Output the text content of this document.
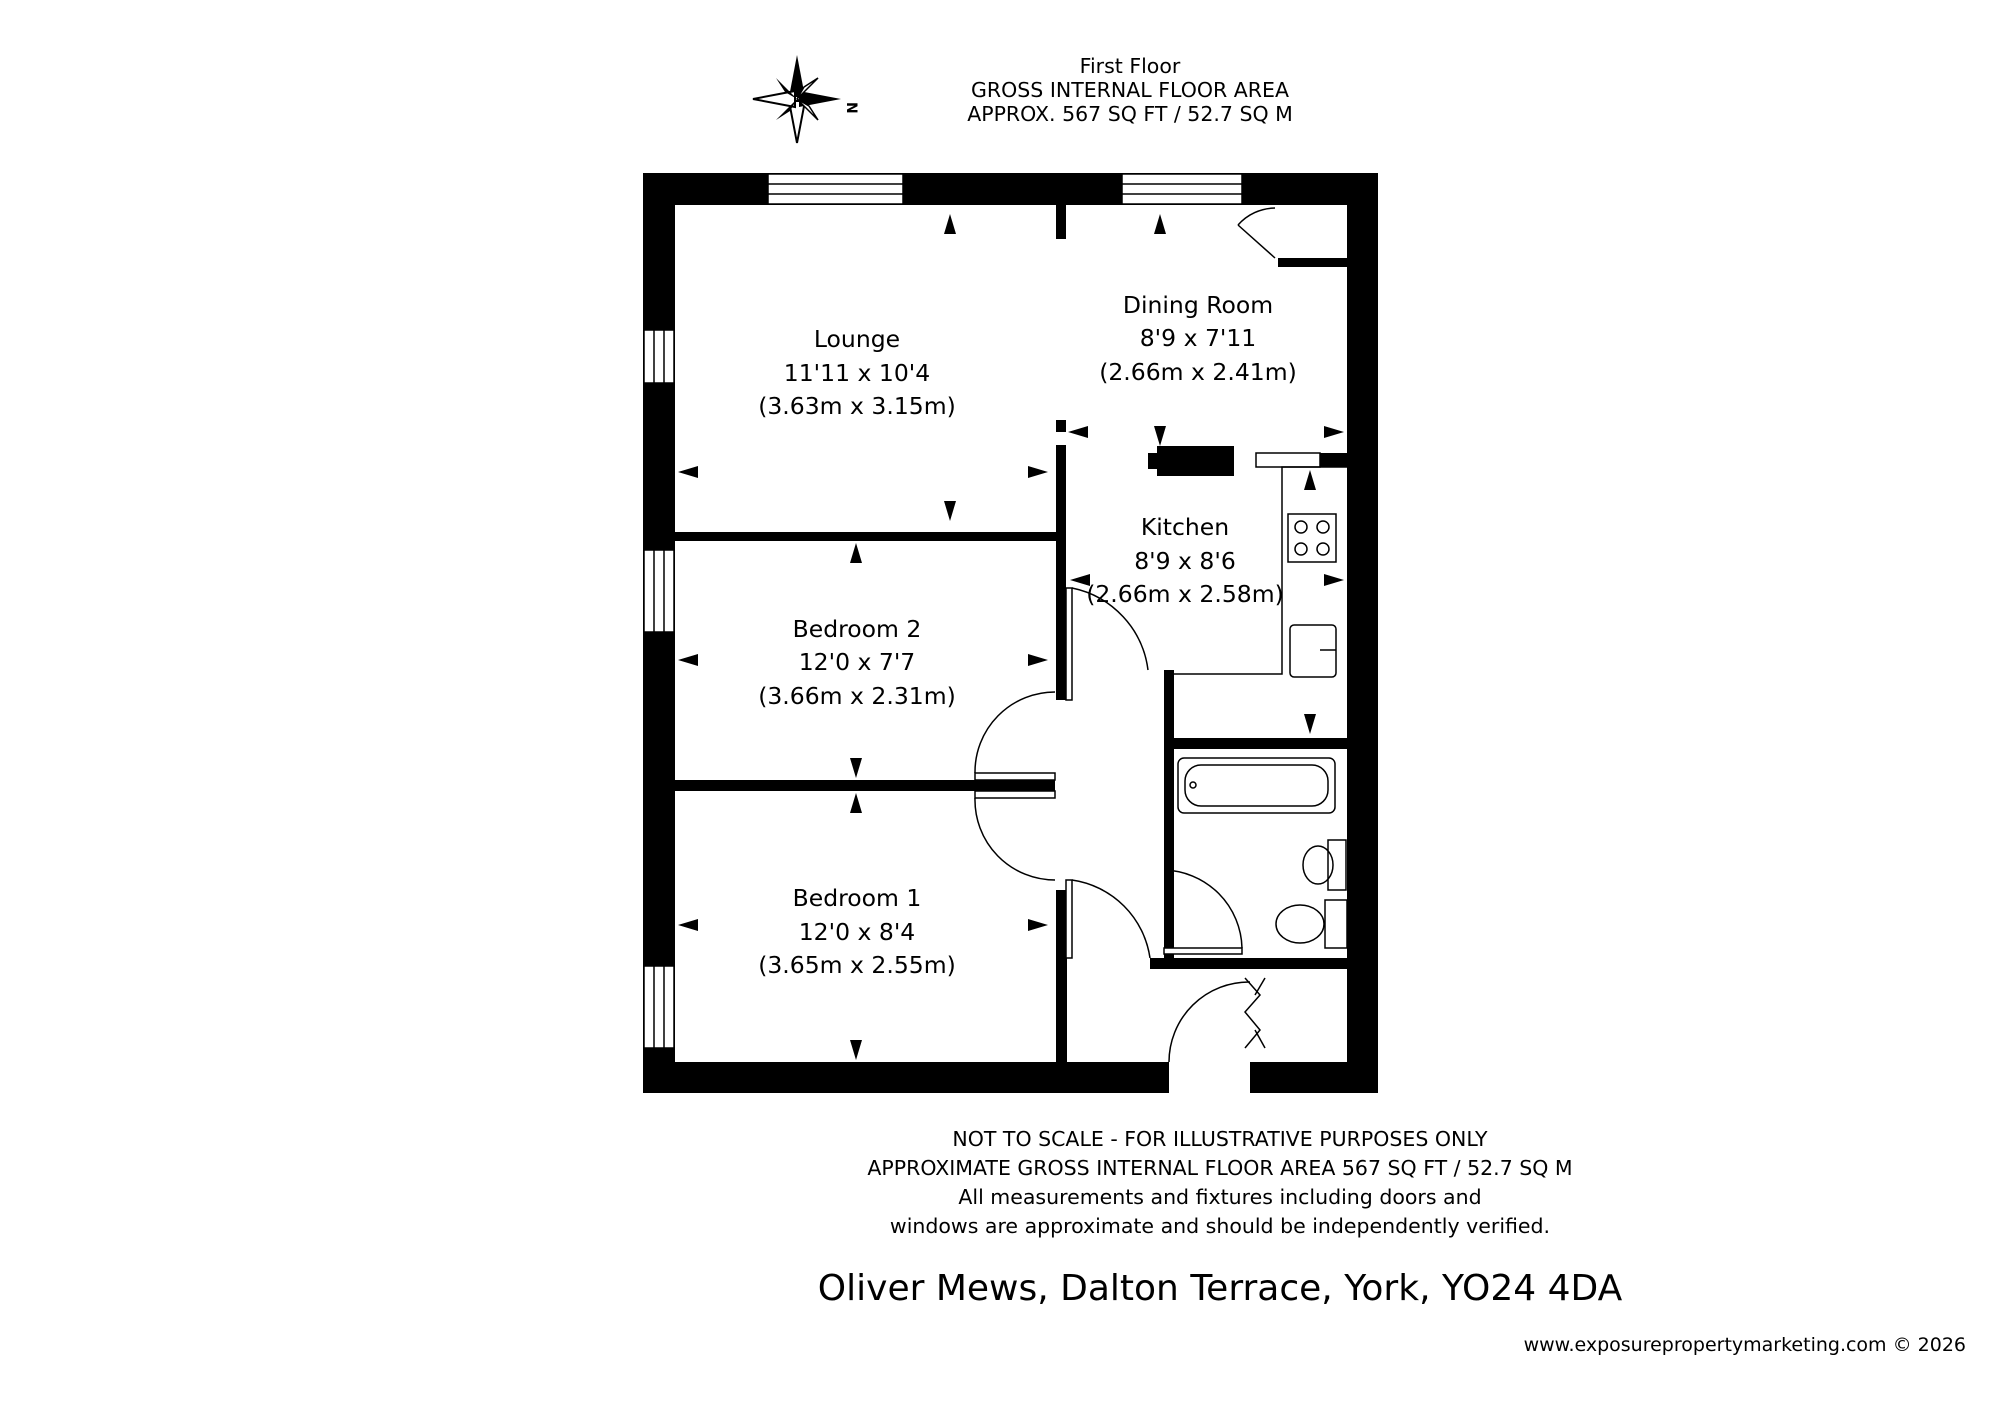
First Floor
GROSS INTERNAL FLOOR AREA
APPROX. 567 SQ FT / 52.7 SQ M
N
Lounge
11'11 x 10'4
(3.63m x 3.15m)
Dining Room
8'9 x 7'11
(2.66m x 2.41m)
Kitchen
8'9 x 8'6
(2.66m x 2.58m)
Bedroom 2
12'0 x 7'7
(3.66m x 2.31m)
Bedroom 1
12'0 x 8'4
(3.65m x 2.55m)
NOT TO SCALE - FOR ILLUSTRATIVE PURPOSES ONLY
APPROXIMATE GROSS INTERNAL FLOOR AREA 567 SQ FT / 52.7 SQ M
All measurements and fixtures including doors and
windows are approximate and should be independently verified.
Oliver Mews, Dalton Terrace, York, YO24 4DA
www.exposurepropertymarketing.com © 2026
